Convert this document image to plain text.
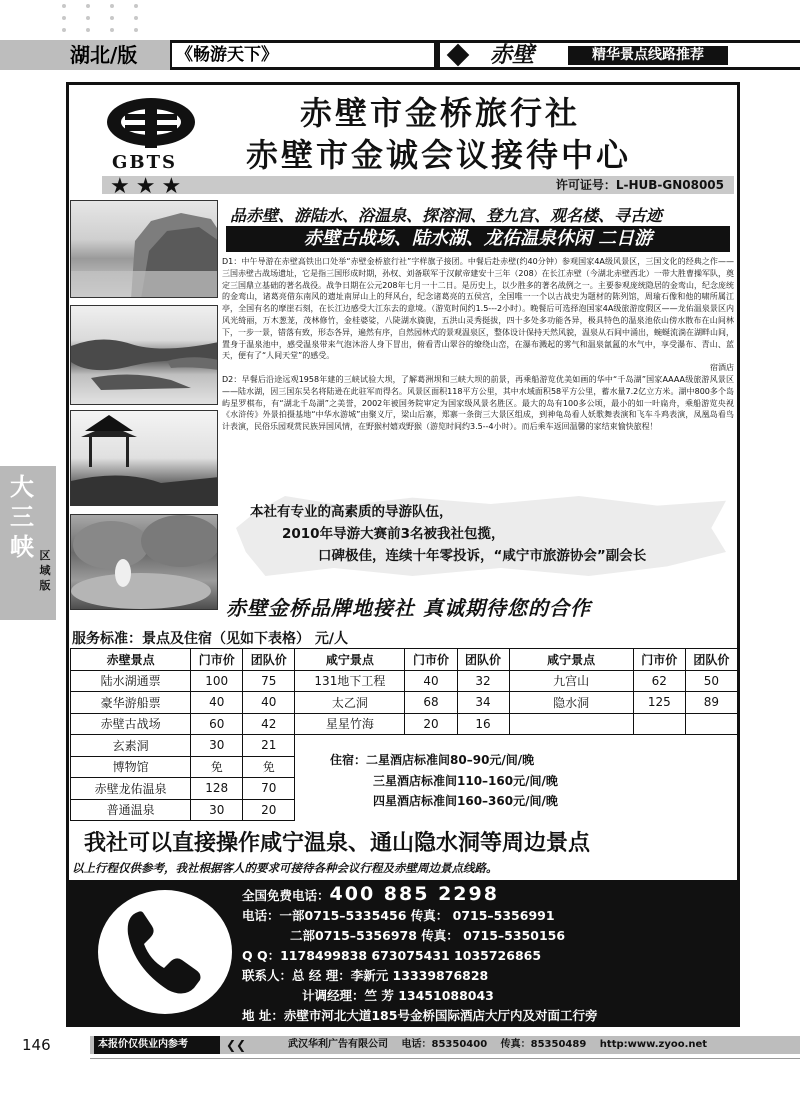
湖北/版	《畅游天下》	赤壁	精华景点线路推荐
大三峡 区域版
GBTS
许可证号：L-HUB-GN08005
★★★
赤壁市金桥旅行社
赤壁市金诚会议接待中心
品赤壁、游陆水、浴温泉、探溶洞、登九宫、观名楼、寻古迹
赤壁古战场、陆水湖、龙佑温泉休闲 二日游

D1：中午导游在赤壁高铁出口处举“赤壁金桥旅行社”字样旗子接团。中餐后赴赤壁(约40分钟）参观国家4A级风景区，三国文化的经典之作——三国赤壁古战场遗址，它是指三国形成时期，孙权、刘备联军于汉献帝建安十三年（208）在长江赤壁（今湖北赤壁西北）一带大胜曹操军队，奠定三国鼎立基础的著名战役。战争日期在公元208年七月一十二日。是历史上，以少胜多的著名战例之一。主要参观庞统隐居的金鸾山，纪念庞统的金鸾山，诸葛亮借东南风的遗址南屏山上的拜风台，纪念诸葛亮的五侯宫，全国唯一一个以古战史为题材的陈列馆，周瑜石像和他的啸所属江亭，全国有名的摩崖石刻，在长江边感受大江东去的意境。（游览时间约1.5---2小时）。晚餐后可选择泡国家4A级旅游度假区——龙佑温泉景区内风光绮丽，万木葱茏，茂林修竹，金桂婆娑，八陡湖水旖旎，五洪山灵秀挺拔，四十多处多功能各异，极具特色的温泉池依山傍水散布在山间林下，一步一景，错落有致，形态各异，遍然有序，自然园林式的景观温泉区，整体设计保持天然风貌，温泉从石间中涌出，蜿蜒流淌在湖畔山间，置身于温泉池中，感受温泉带来气泡沐浴人身下冒出，俯看青山翠谷的缭绕山峦，在瀑布溅起的雾气和温泉氤氲的水气中，享受瀑布、青山、蓝天，便有了“人间天堂”的感受。

宿酒店

D2：早餐后沿途远观1958年建的三峡试验大坝，了解葛洲坝和三峡大坝的前景，再乘船游览优美如画的华中“千岛湖”国家AAAA级旅游风景区——陆水湖，因三国东吴名将陆逊在此驻军而得名。风景区面积118平方公里，其中水域面积58平方公里，蓄水量7.2亿立方米。湖中800多个岛屿星罗棋布，有“湖北千岛湖”之美誉，2002年被国务院审定为国家级风景名胜区。最大的岛有100多公顷，最小的如一叶扁舟，乘船游览央视《水浒传》外景拍摄基地“中华水游城”由聚义厅，梁山后寨，郑寨一条街三大景区组成，到神龟岛看人妖歌舞表演和飞车斗鸡表演，凤凰岛看鸟计表演，民俗乐园观赏民族异国风情，在野猴村嬉戏野猴（游览时间约3.5--4小时）。而后乘车返回温馨的家结束愉快旅程！

本社有专业的高素质的导游队伍，
2010年导游大赛前3名被我社包揽，
口碑极佳，连续十年零投诉，“咸宁市旅游协会”副会长
赤壁金桥品牌地接社 真诚期待您的合作
服务标准：景点及住宿（见如下表格） 元/人
赤壁景点	门市价	团队价	咸宁景点	门市价	团队价	咸宁景点	门市价	团队价
陆水湖通票	100	75	131地下工程	40	32	九宫山	62	50
豪华游船票	40	40	太乙洞	68	34	隐水洞	125	89
赤壁古战场	60	42	星星竹海	20	16			
玄素洞	30	21						
博物馆	免	免						
赤壁龙佑温泉	128	70						
普通温泉	30	20						
住宿：二星酒店标准间80–90元/间/晚
三星酒店标准间110–160元/间/晚
四星酒店标准间160–360元/间/晚
我社可以直接操作咸宁温泉、通山隐水洞等周边景点
以上行程仅供参考，我社根据客人的要求可接待各种会议行程及赤壁周边景点线路。
全国免费电话：400 885 2298
电话：一部0715–5335456 传真： 0715–5356991
二部0715–5356978 传真： 0715–5350156
Q Q：1178499838 673075431 1035726865
联系人：总 经 理：李新元 13339876828
计调经理：竺 芳 13451088043
地 址：赤壁市河北大道185号金桥国际酒店大厅内及对面工行旁
146	本报价仅供业内参考	❮❮	武汉华利广告有限公司 电话：85350400 传真：85350489 http:www.zyoo.net
